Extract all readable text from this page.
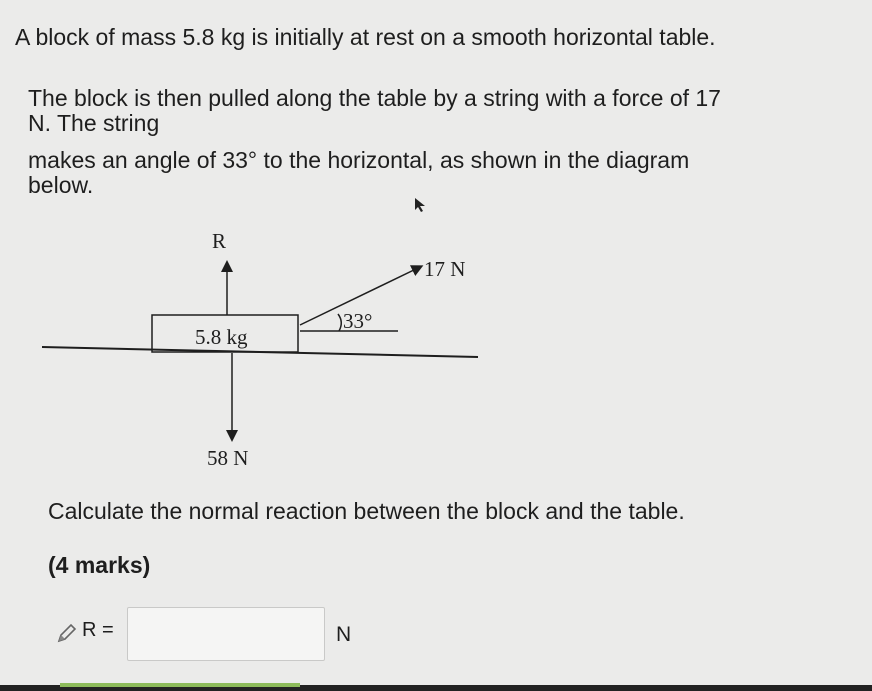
A block of mass 5.8 kg is initially at rest on a smooth horizontal table.
The block is then pulled along the table by a string with a force of 17
N. The string
makes an angle of 33° to the horizontal, as shown in the diagram
below.
5.8 kg
R
58 N
17 N
33°
Calculate the normal reaction between the block and the table.
(4 marks)
R =	N
